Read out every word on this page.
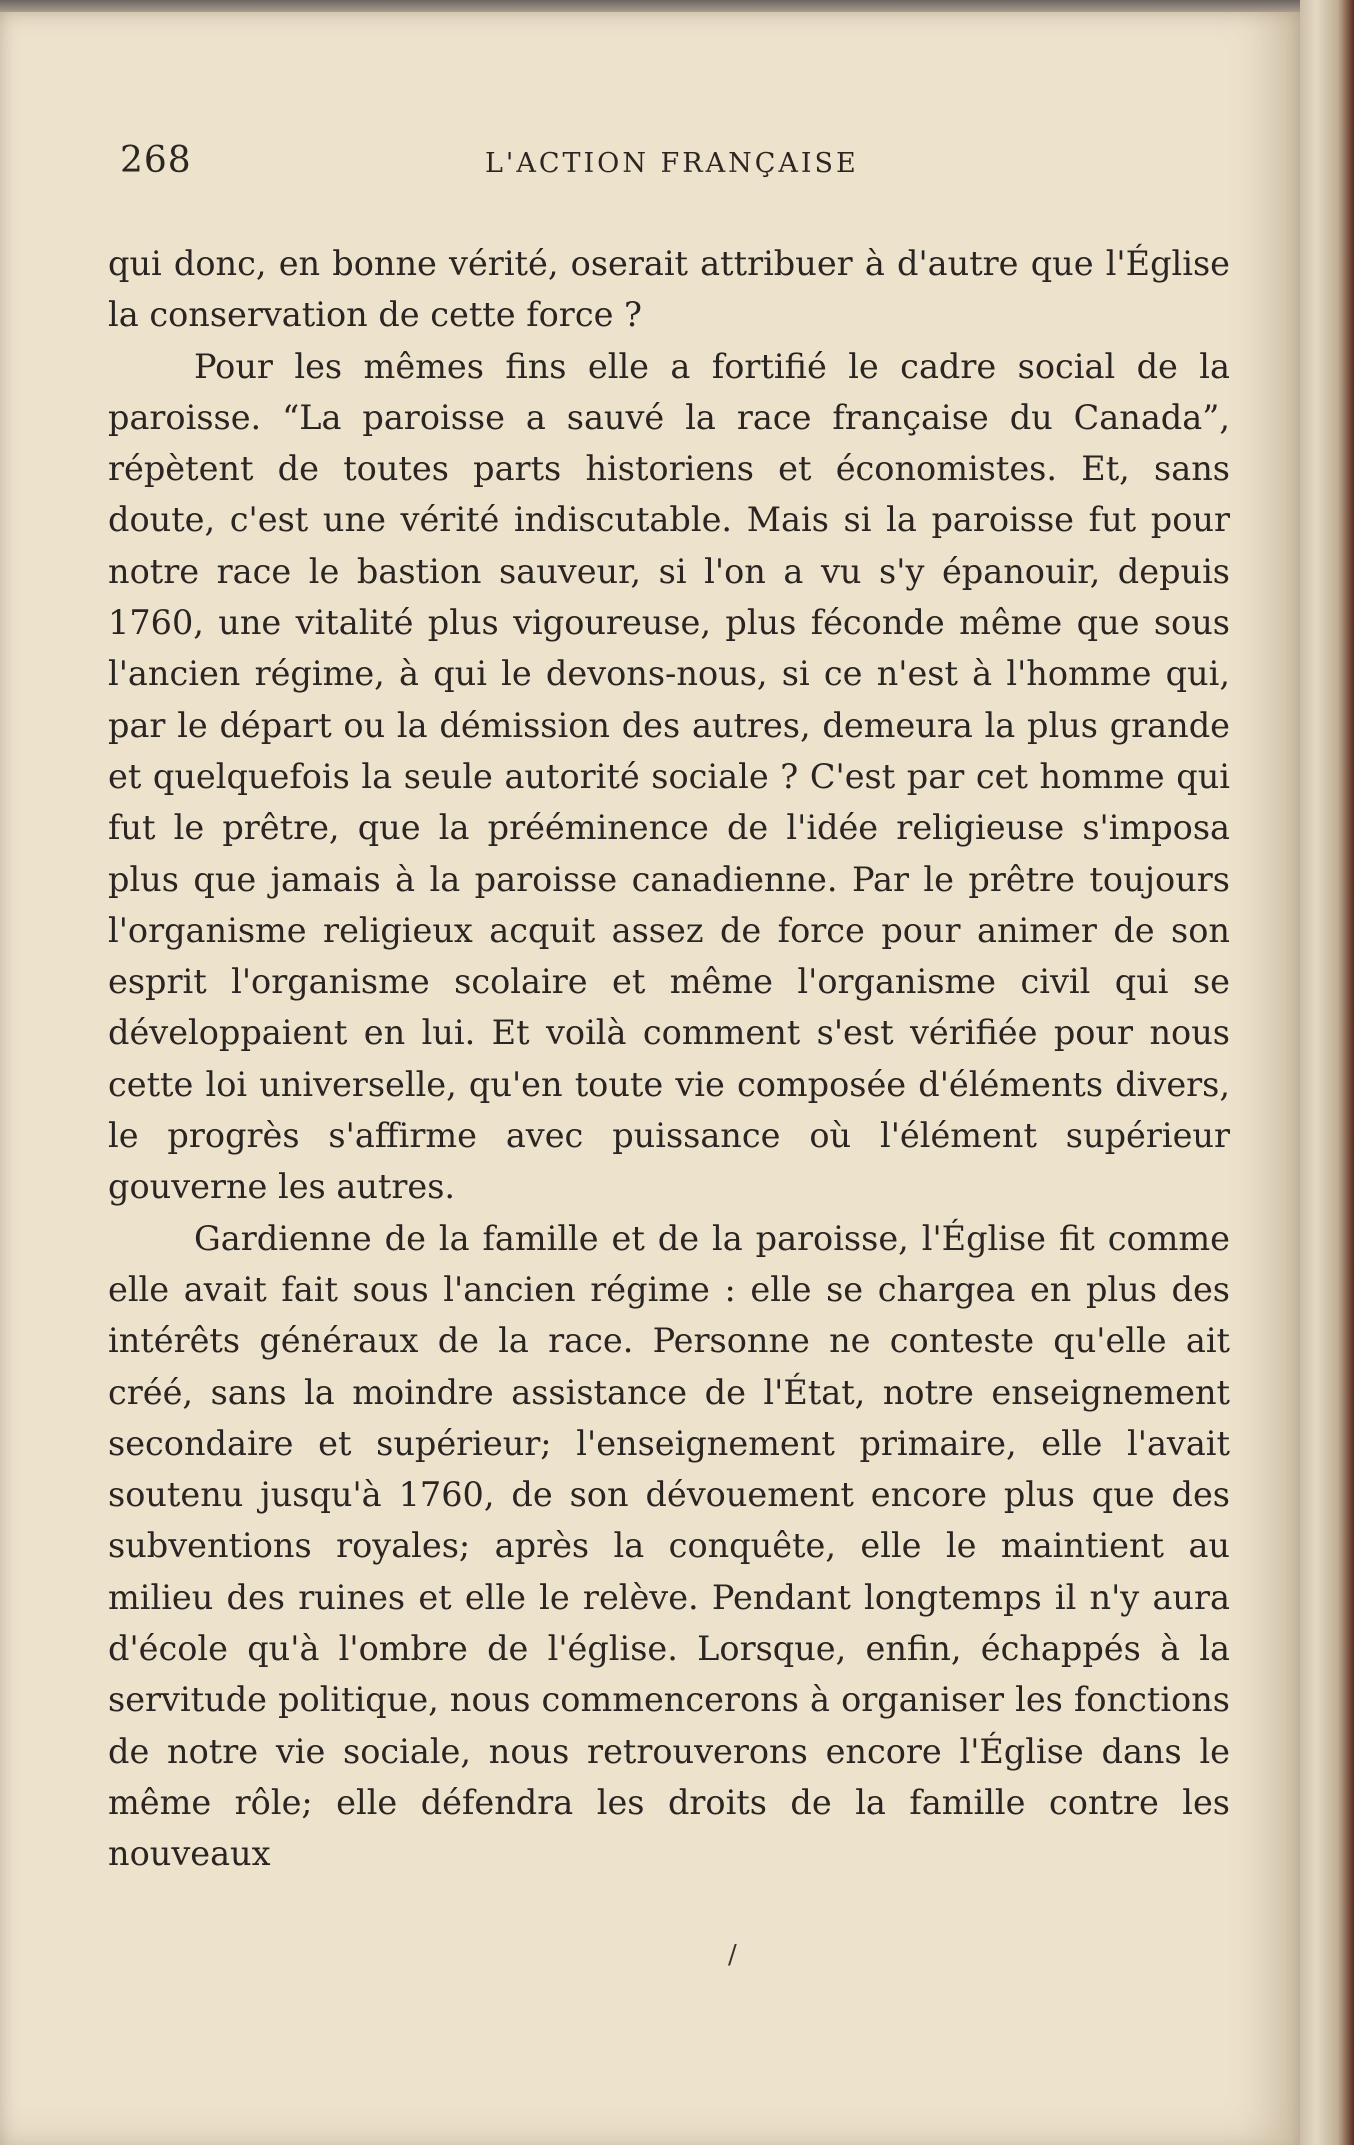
268	L'ACTION FRANÇAISE

qui donc, en bonne vérité, oserait attribuer à d'autre que l'Église la conservation de cette force ?

Pour les mêmes fins elle a fortifié le cadre social de la paroisse. “La paroisse a sauvé la race française du Canada”, répètent de toutes parts historiens et économistes. Et, sans doute, c'est une vérité indiscutable. Mais si la paroisse fut pour notre race le bastion sauveur, si l'on a vu s'y épanouir, depuis 1760, une vitalité plus vigoureuse, plus féconde même que sous l'ancien régime, à qui le devons-nous, si ce n'est à l'homme qui, par le départ ou la démission des autres, demeura la plus grande et quelquefois la seule autorité sociale ? C'est par cet homme qui fut le prêtre, que la prééminence de l'idée religieuse s'imposa plus que jamais à la paroisse canadienne. Par le prêtre toujours l'organisme religieux acquit assez de force pour animer de son esprit l'organisme scolaire et même l'organisme civil qui se développaient en lui. Et voilà comment s'est vérifiée pour nous cette loi universelle, qu'en toute vie composée d'éléments divers, le progrès s'affirme avec puissance où l'élément supérieur gouverne les autres.

Gardienne de la famille et de la paroisse, l'Église fit comme elle avait fait sous l'ancien régime : elle se chargea en plus des intérêts généraux de la race. Personne ne conteste qu'elle ait créé, sans la moindre assistance de l'État, notre enseignement secondaire et supérieur; l'enseignement primaire, elle l'avait soutenu jusqu'à 1760, de son dévouement encore plus que des subventions royales; après la conquête, elle le maintient au milieu des ruines et elle le relève. Pendant longtemps il n'y aura d'école qu'à l'ombre de l'église. Lorsque, enfin, échappés à la servitude politique, nous commencerons à organiser les fonctions de notre vie sociale, nous retrouverons encore l'Église dans le même rôle; elle défendra les droits de la famille contre les nouveaux

/
